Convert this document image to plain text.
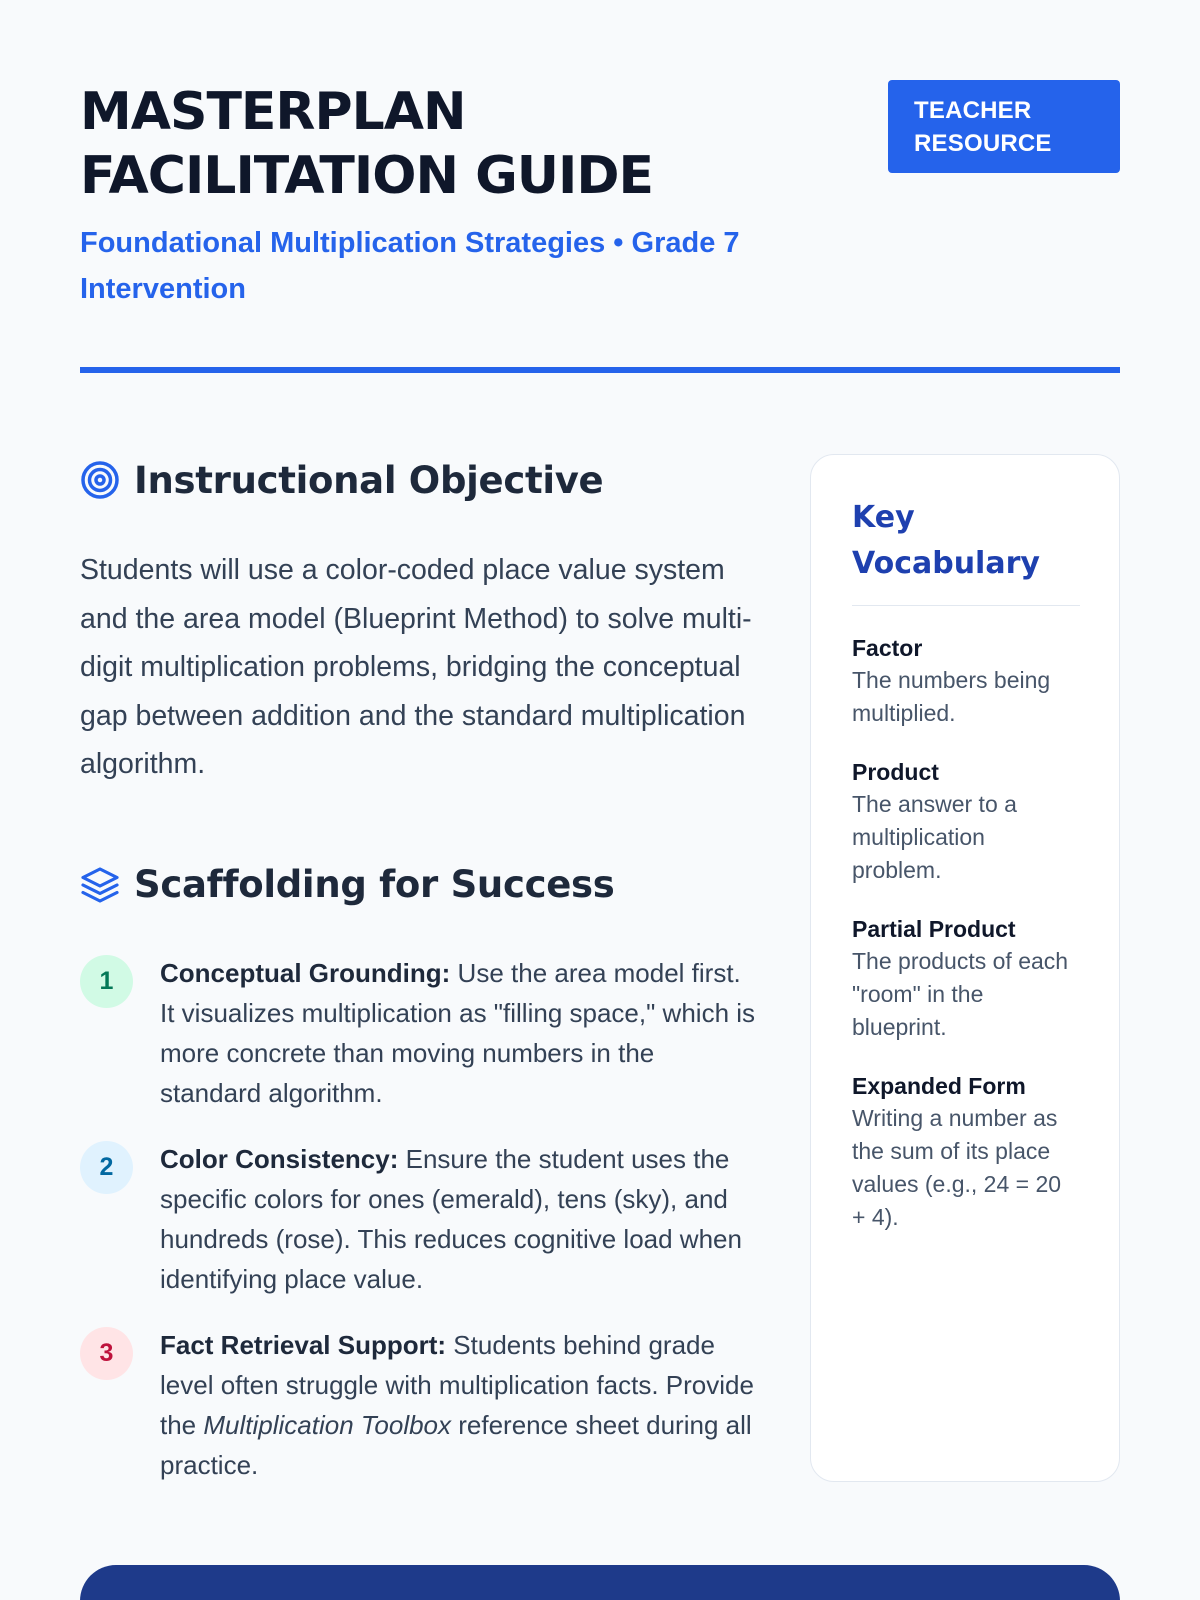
MASTERPLAN FACILITATION GUIDE

Foundational Multiplication Strategies • Grade 7 Intervention

TEACHER RESOURCE
Instructional Objective

Students will use a color-coded place value system and the area model (Blueprint Method) to solve multi-digit multiplication problems, bridging the conceptual gap between addition and the standard multiplication algorithm.

Scaffolding for Success
1	Conceptual Grounding: Use the area model first. It visualizes multiplication as "filling space," which is more concrete than moving numbers in the standard algorithm.

2	Color Consistency: Ensure the student uses the specific colors for ones (emerald), tens (sky), and hundreds (rose). This reduces cognitive load when identifying place value.

3	Fact Retrieval Support: Students behind grade level often struggle with multiplication facts. Provide the Multiplication Toolbox reference sheet during all practice.

Key Vocabulary
Factor
The numbers being multiplied.
Product
The answer to a multiplication problem.
Partial Product
The products of each "room" in the blueprint.
Expanded Form
Writing a number as the sum of its place values (e.g., 24 = 20 + 4).
